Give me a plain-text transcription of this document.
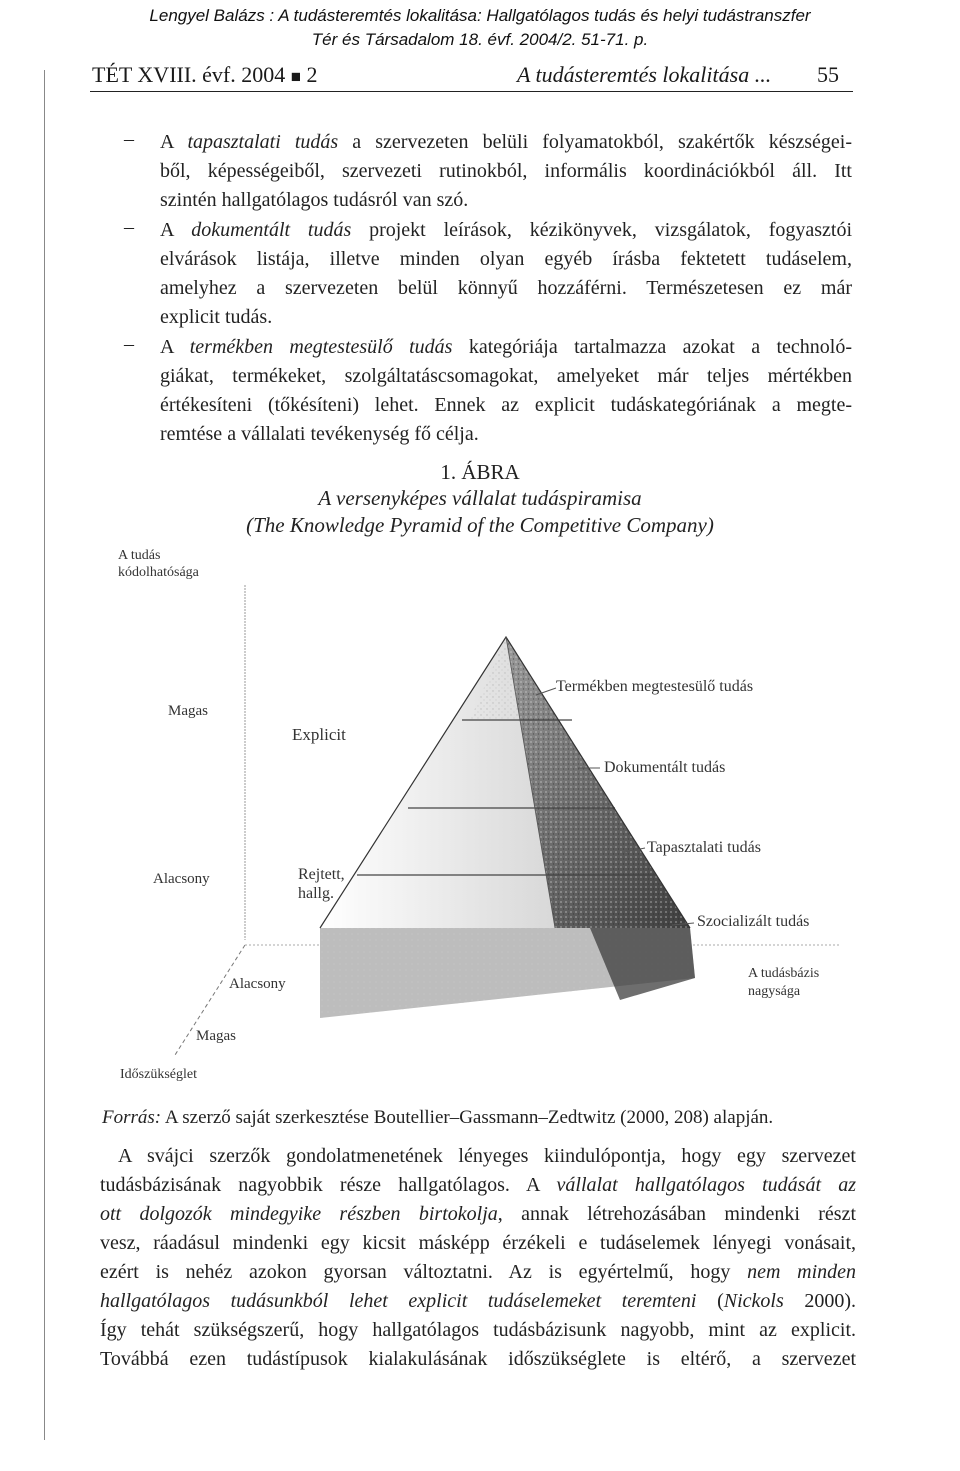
Lengyel Balázs : A tudásteremtés lokalitása: Hallgatólagos tudás és helyi tudástranszfer
Tér és Társadalom 18. évf. 2004/2. 51-71. p.
TÉT XVIII. évf. 2004 ■ 2	A tudásteremtés lokalitása ... 55
– A tapasztalati tudás a szervezeten belüli folyamatokból, szakértők készségei-

ből, képességeiből, szervezeti rutinokból, informális koordinációkból áll. Itt

szintén hallgatólagos tudásról van szó.

– A dokumentált tudás projekt leírások, kézikönyvek, vizsgálatok, fogyasztói

elvárások listája, illetve minden olyan egyéb írásba fektetett tudáselem,

amelyhez a szervezeten belül könnyű hozzáférni. Természetesen ez már

explicit tudás.

– A termékben megtestesülő tudás kategóriája tartalmazza azokat a technoló-

giákat, termékeket, szolgáltatáscsomagokat, amelyeket már teljes mértékben

értékesíteni (tőkésíteni) lehet. Ennek az explicit tudáskategóriának a megte-

remtése a vállalati tevékenység fő célja.

1. ÁBRA
A versenyképes vállalat tudáspiramisa
(The Knowledge Pyramid of the Competitive Company)
A tudás
kódolhatósága
Magas
Alacsony
Explicit
Rejtett,
hallg.
Termékben megtestesülő tudás
Dokumentált tudás
Tapasztalati tudás
Szocializált tudás
A tudásbázis
nagysága
Alacsony
Magas
Időszükséglet
Forrás: A szerző saját szerkesztése Boutellier–Gassmann–Zedtwitz (2000, 208) alapján.

A svájci szerzők gondolatmenetének lényeges kiindulópontja, hogy egy szervezet

tudásbázisának nagyobbik része hallgatólagos. A vállalat hallgatólagos tudását az

ott dolgozók mindegyike részben birtokolja, annak létrehozásában mindenki részt

vesz, ráadásul mindenki egy kicsit másképp érzékeli e tudáselemek lényegi vonásait,

ezért is nehéz azokon gyorsan változtatni. Az is egyértelmű, hogy nem minden

hallgatólagos tudásunkból lehet explicit tudáselemeket teremteni (Nickols 2000).

Így tehát szükségszerű, hogy hallgatólagos tudásbázisunk nagyobb, mint az explicit.

Továbbá ezen tudástípusok kialakulásának időszükséglete is eltérő, a szervezet
